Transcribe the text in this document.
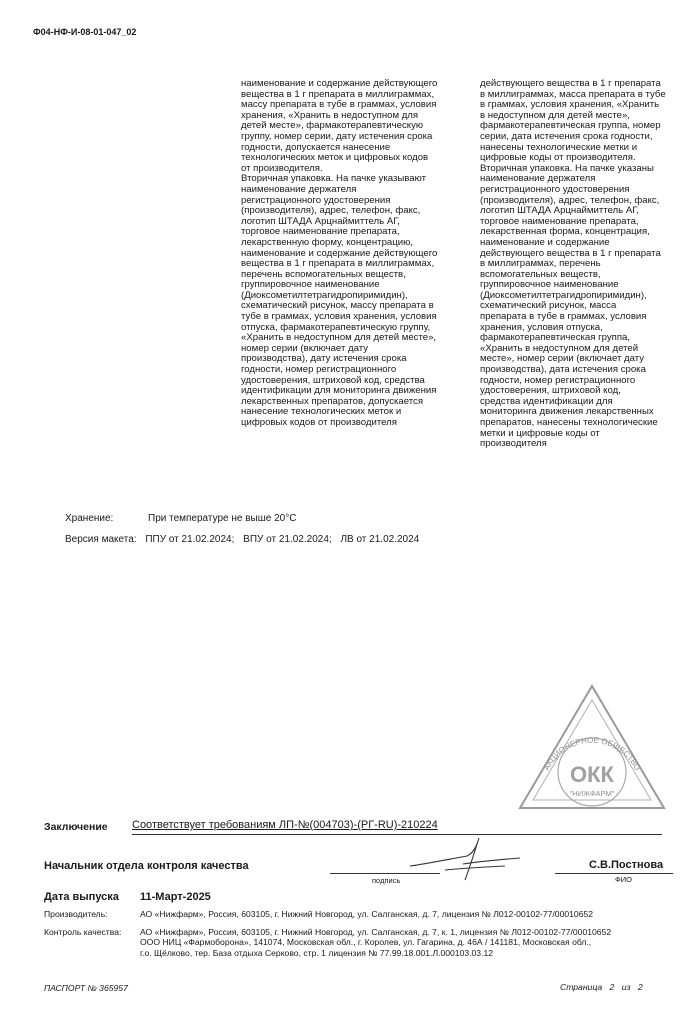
Ф04-НФ-И-08-01-047_02

наименование и содержание действующего

вещества в 1 г препарата в миллиграммах,

массу препарата в тубе в граммах, условия

хранения, «Хранить в недоступном для

детей месте», фармакотерапевтическую

группу, номер серии, дату истечения срока

годности, допускается нанесение

технологических меток и цифровых кодов

от производителя.

Вторичная упаковка. На пачке указывают

наименование держателя

регистрационного удостоверения

(производителя), адрес, телефон, факс,

логотип ШТАДА Арцнаймиттель АГ,

торговое наименование препарата,

лекарственную форму, концентрацию,

наименование и содержание действующего

вещества в 1 г препарата в миллиграммах,

перечень вспомогательных веществ,

группировочное наименование

(Диоксометилтетрагидропиримидин),

схематический рисунок, массу препарата в

тубе в граммах, условия хранения, условия

отпуска, фармакотерапевтическую группу,

«Хранить в недоступном для детей месте»,

номер серии (включает дату

производства), дату истечения срока

годности, номер регистрационного

удостоверения, штриховой код, средства

идентификации для мониторинга движения

лекарственных препаратов, допускается

нанесение технологических меток и

цифровых кодов от производителя

действующего вещества в 1 г препарата

в миллиграммах, масса препарата в тубе

в граммах, условия хранения, «Хранить

в недоступном для детей месте»,

фармакотерапевтическая группа, номер

серии, дата истечения срока годности,

нанесены технологические метки и

цифровые коды от производителя.

Вторичная упаковка. На пачке указаны

наименование держателя

регистрационного удостоверения

(производителя), адрес, телефон, факс,

логотип ШТАДА Арцнаймиттель АГ,

торговое наименование препарата,

лекарственная форма, концентрация,

наименование и содержание

действующего вещества в 1 г препарата

в миллиграммах, перечень

вспомогательных веществ,

группировочное наименование

(Диоксометилтетрагидропиримидин),

схематический рисунок, масса

препарата в тубе в граммах, условия

хранения, условия отпуска,

фармакотерапевтическая группа,

«Хранить в недоступном для детей

месте», номер серии (включает дату

производства), дата истечения срока

годности, номер регистрационного

удостоверения, штриховой код,

средства идентификации для

мониторинга движения лекарственных

препаратов, нанесены технологические

метки и цифровые коды от

производителя

Хранение:	При температуре не выше 20°С
Версия макета: ППУ от 21.02.2024; ВПУ от 21.02.2024; ЛВ от 21.02.2024
АКЦИОНЕРНОЕ ОБЩЕСТВО
ОКК
"НИЖФАРМ"
Заключение Соответствует требованиям ЛП-№(004703)-(РГ-RU)-210224
Начальник отдела контроля качества
подпись
С.В.Постнова
ФИО
Дата выпуска 11-Март-2025
Производитель:	АО «Нижфарм», Россия, 603105, г. Нижний Новгород, ул. Салганская, д. 7, лицензия № Л012-00102-77/00010652
Контроль качества: АО «Нижфарм», Россия, 603105, г. Нижний Новгород, ул. Салганская, д. 7, к. 1, лицензия № Л012-00102-77/00010652
ООО НИЦ «Фармоборона», 141074, Московская обл., г. Королев, ул. Гагарина, д. 46А / 141181, Московская обл.,
г.о. Щёлково, тер. База отдыха Серково, стр. 1 лицензия № 77.99.18.001.Л.000103.03.12
ПАСПОРТ № 365957	Страница 2 из 2
